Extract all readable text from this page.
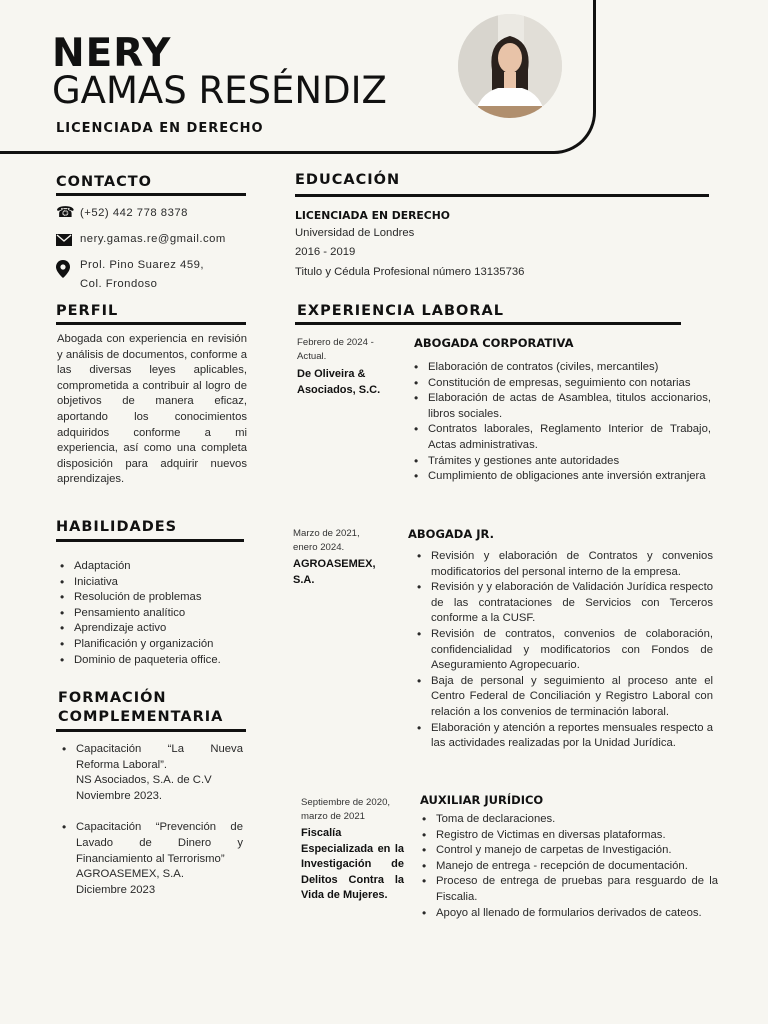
NERY
GAMAS RESÉNDIZ
LICENCIADA EN DERECHO
CONTACTO
☎ (+52) 442 778 8378
nery.gamas.re@gmail.com
Prol. Pino Suarez 459,
Col. Frondoso
PERFIL
Abogada con experiencia en revisión y análisis de documentos, conforme a las diversas leyes aplicables, comprometida a contribuir al logro de objetivos de manera eficaz, aportando los conocimientos adquiridos conforme a mi experiencia, así como una completa disposición para adquirir nuevos aprendizajes.
HABILIDADES
• Adaptación
• Iniciativa
• Resolución de problemas
• Pensamiento analítico
• Aprendizaje activo
• Planificación y organización
• Dominio de paqueteria office.
FORMACIÓN
COMPLEMENTARIA
• Capacitación “La Nueva Reforma Laboral”.
NS Asociados, S.A. de C.V
Noviembre 2023.
• Capacitación “Prevención de Lavado de Dinero y Financiamiento al Terrorismo”
AGROASEMEX, S.A.
Diciembre 2023
EDUCACIÓN
LICENCIADA EN DERECHO
Universidad de Londres
2016 - 2019
Titulo y Cédula Profesional número 13135736
EXPERIENCIA LABORAL
Febrero de 2024 - Actual.
De Oliveira & Asociados, S.C.
ABOGADA CORPORATIVA
• Elaboración de contratos (civiles, mercantiles)
• Constitución de empresas, seguimiento con notarias
• Elaboración de actas de Asamblea, titulos accionarios, libros sociales.
• Contratos laborales, Reglamento Interior de Trabajo, Actas administrativas.
• Trámites y gestiones ante autoridades
• Cumplimiento de obligaciones ante inversión extranjera
Marzo de 2021, enero 2024.
AGROASEMEX, S.A.
ABOGADA JR.
• Revisión y elaboración de Contratos y convenios modificatorios del personal interno de la empresa.
• Revisión y y elaboración de Validación Jurídica respecto de las contrataciones de Servicios con Terceros conforme a la CUSF.
• Revisión de contratos, convenios de colaboración, confidencialidad y modificatorios con Fondos de Aseguramiento Agropecuario.
• Baja de personal y seguimiento al proceso ante el Centro Federal de Conciliación y Registro Laboral con relación a los convenios de terminación laboral.
• Elaboración y atención a reportes mensuales respecto a las actividades realizadas por la Unidad Jurídica.
Septiembre de 2020, marzo de 2021
Fiscalía Especializada en la Investigación de Delitos Contra la Vida de Mujeres.
AUXILIAR JURÍDICO
• Toma de declaraciones.
• Registro de Victimas en diversas plataformas.
• Control y manejo de carpetas de Investigación.
• Manejo de entrega - recepción de documentación.
• Proceso de entrega de pruebas para resguardo de la Fiscalia.
• Apoyo al llenado de formularios derivados de cateos.
